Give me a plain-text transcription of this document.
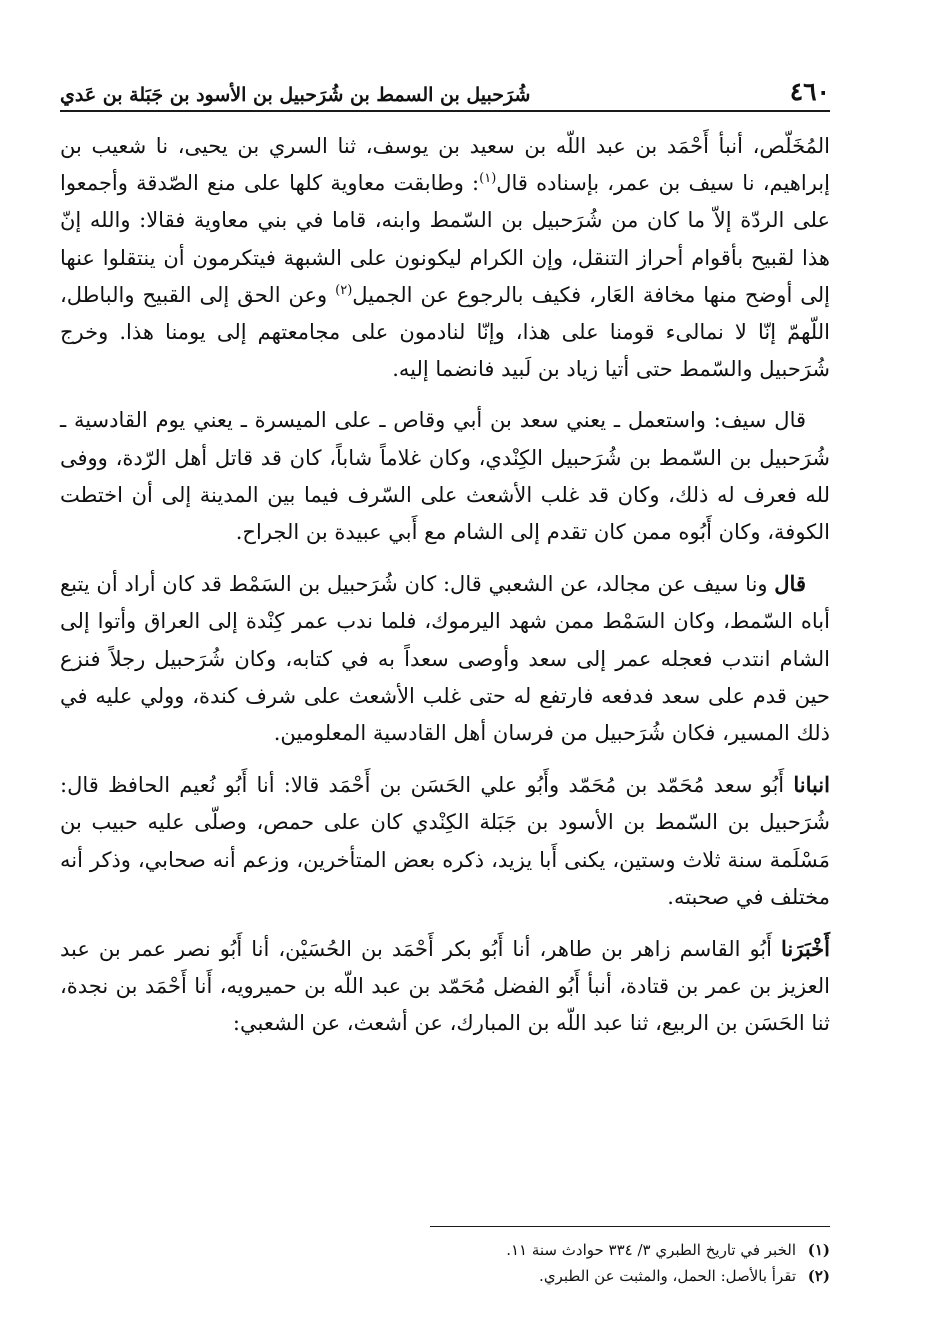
٤٦٠
شُرَحبيل بن السمط بن شُرَحبيل بن الأسود بن جَبَلة بن عَدي

المُخَلّص، أنبأ أَحْمَد بن عبد اللّه بن سعيد بن يوسف، ثنا السري بن يحيى، نا شعيب بن إبراهيم، نا سيف بن عمر، بإسناده قال$^{(١)}$: وطابقت معاوية كلها على منع الصّدقة وأجمعوا على الردّة إلاّ ما كان من شُرَحبيل بن السّمط وابنه، قاما في بني معاوية فقالا: والله إنّ هذا لقبيح بأقوام أحراز التنقل، وإن الكرام ليكونون على الشبهة فيتكرمون أن ينتقلوا عنها إلى أوضح منها مخافة العَار، فكيف بالرجوع عن الجميل$^{(٢)}$ وعن الحق إلى القبيح والباطل، اللّهمّ إنّا لا نمالىء قومنا على هذا، وإنّا لنادمون على مجامعتهم إلى يومنا هذا. وخرج شُرَحبيل والسّمط حتى أتيا زياد بن لَبيد فانضما إليه.

قال سيف: واستعمل ـ يعني سعد بن أبي وقاص ـ على الميسرة ـ يعني يوم القادسية ـ شُرَحبيل بن السّمط بن شُرَحبيل الكِنْدي، وكان غلاماً شاباً، كان قد قاتل أهل الرّدة، ووفى لله فعرف له ذلك، وكان قد غلب الأشعث على السّرف فيما بين المدينة إلى أن اختطت الكوفة، وكان أَبُوه ممن كان تقدم إلى الشام مع أَبي عبيدة بن الجراح.

قال ونا سيف عن مجالد، عن الشعبي قال: كان شُرَحبيل بن السَمْط قد كان أراد أن يتبع أباه السّمط، وكان السَمْط ممن شهد اليرموك، فلما ندب عمر كِنْدة إلى العراق وأتوا إلى الشام انتدب فعجله عمر إلى سعد وأوصى سعداً به في كتابه، وكان شُرَحبيل رجلاً فنزع حين قدم على سعد فدفعه فارتفع له حتى غلب الأشعث على شرف كندة، وولي عليه في ذلك المسير، فكان شُرَحبيل من فرسان أهل القادسية المعلومين.

انبانا أَبُو سعد مُحَمّد بن مُحَمّد وأَبُو علي الحَسَن بن أَحْمَد قالا: أنا أَبُو نُعيم الحافظ قال: شُرَحبيل بن السّمط بن الأسود بن جَبَلة الكِنْدي كان على حمص، وصلّى عليه حبيب بن مَسْلَمة سنة ثلاث وستين، يكنى أَبا يزيد، ذكره بعض المتأخرين، وزعم أنه صحابي، وذكر أنه مختلف في صحبته.

أَخْبَرَنا أَبُو القاسم زاهر بن طاهر، أنا أَبُو بكر أَحْمَد بن الحُسَيْن، أنا أَبُو نصر عمر بن عبد العزيز بن عمر بن قتادة، أنبأ أَبُو الفضل مُحَمّد بن عبد اللّه بن حميرويه، أَنا أَحْمَد بن نجدة، ثنا الحَسَن بن الربيع، ثنا عبد اللّه بن المبارك، عن أشعث، عن الشعبي:

(١)
الخبر في تاريخ الطبري ٣/ ٣٣٤ حوادث سنة ١١.
(٢)
تقرأ بالأصل: الحمل، والمثبت عن الطبري.
